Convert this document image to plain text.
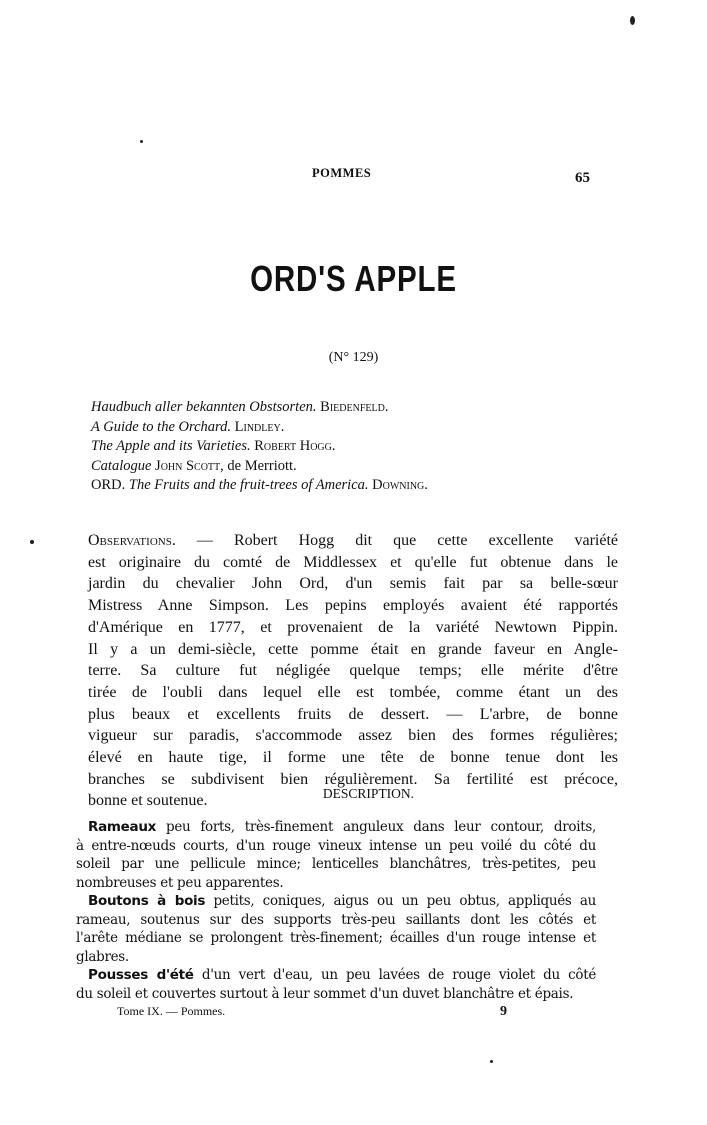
POMMES	65
ORD'S APPLE
(N° 129)
Haudbuch aller bekannten Obstsorten. Biedenfeld.
A Guide to the Orchard. Lindley.
The Apple and its Varieties. Robert Hogg.
Catalogue John Scott, de Merriott.
ORD. The Fruits and the fruit-trees of America. Downing.
Observations. — Robert Hogg dit que cette excellente variété
est originaire du comté de Middlessex et qu'elle fut obtenue dans le
jardin du chevalier John Ord, d'un semis fait par sa belle-sœur
Mistress Anne Simpson. Les pepins employés avaient été rapportés
d'Amérique en 1777, et provenaient de la variété Newtown Pippin.
Il y a un demi-siècle, cette pomme était en grande faveur en Angle-
terre. Sa culture fut négligée quelque temps; elle mérite d'être
tirée de l'oubli dans lequel elle est tombée, comme étant un des
plus beaux et excellents fruits de dessert. — L'arbre, de bonne
vigueur sur paradis, s'accommode assez bien des formes régulières;
élevé en haute tige, il forme une tête de bonne tenue dont les
branches se subdivisent bien régulièrement. Sa fertilité est précoce,
bonne et soutenue.	DESCRIPTION.
Rameaux peu forts, très-finement anguleux dans leur contour, droits,
à entre-nœuds courts, d'un rouge vineux intense un peu voilé du côté du
soleil par une pellicule mince; lenticelles blanchâtres, très-petites, peu
nombreuses et peu apparentes.
Boutons à bois petits, coniques, aigus ou un peu obtus, appliqués au
rameau, soutenus sur des supports très-peu saillants dont les côtés et
l'arête médiane se prolongent très-finement; écailles d'un rouge intense et
glabres.
Pousses d'été d'un vert d'eau, un peu lavées de rouge violet du côté
du soleil et couvertes surtout à leur sommet d'un duvet blanchâtre et épais.
Tome IX. — Pommes.	9
